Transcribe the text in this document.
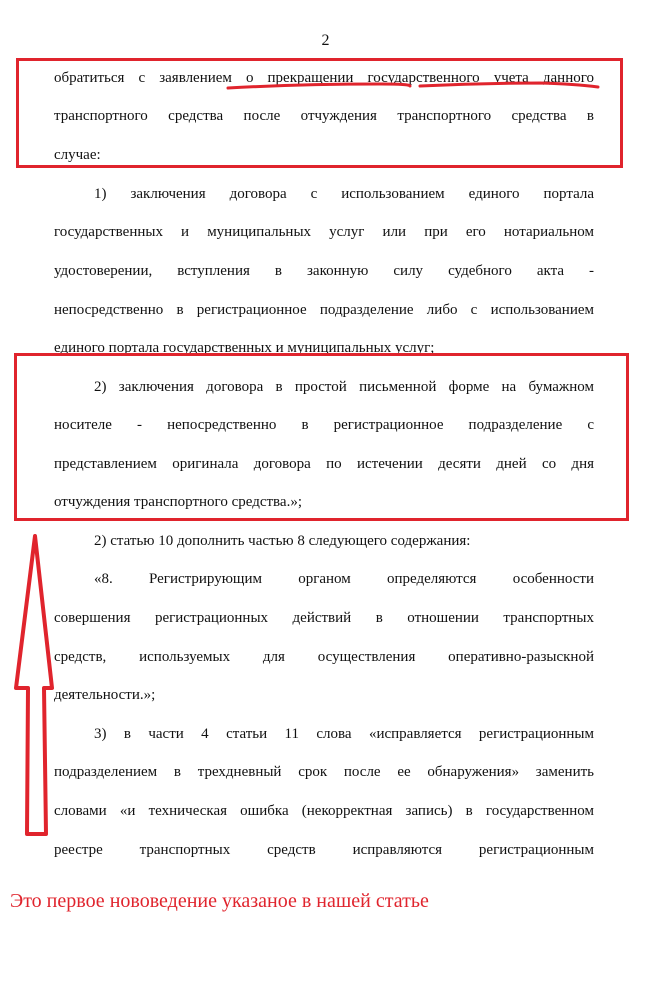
2
обратиться с заявлением о прекращении государственного учета данного
транспортного средства после отчуждения транспортного средства в
случае:
1) заключения договора с использованием единого портала
государственных и муниципальных услуг или при его нотариальном
удостоверении, вступления в законную силу судебного акта -
непосредственно в регистрационное подразделение либо с использованием
единого портала государственных и муниципальных услуг;
2) заключения договора в простой письменной форме на бумажном
носителе - непосредственно в регистрационное подразделение с
представлением оригинала договора по истечении десяти дней со дня
отчуждения транспортного средства.»;
2) статью 10 дополнить частью 8 следующего содержания:
«8. Регистрирующим органом определяются особенности
совершения регистрационных действий в отношении транспортных
средств, используемых для осуществления оперативно-разыскной
деятельности.»;
3) в части 4 статьи 11 слова «исправляется регистрационным
подразделением в трехдневный срок после ее обнаружения» заменить
словами «и техническая ошибка (некорректная запись) в государственном
реестре транспортных средств исправляются регистрационным
Это первое нововедение указаное в нашей статье
